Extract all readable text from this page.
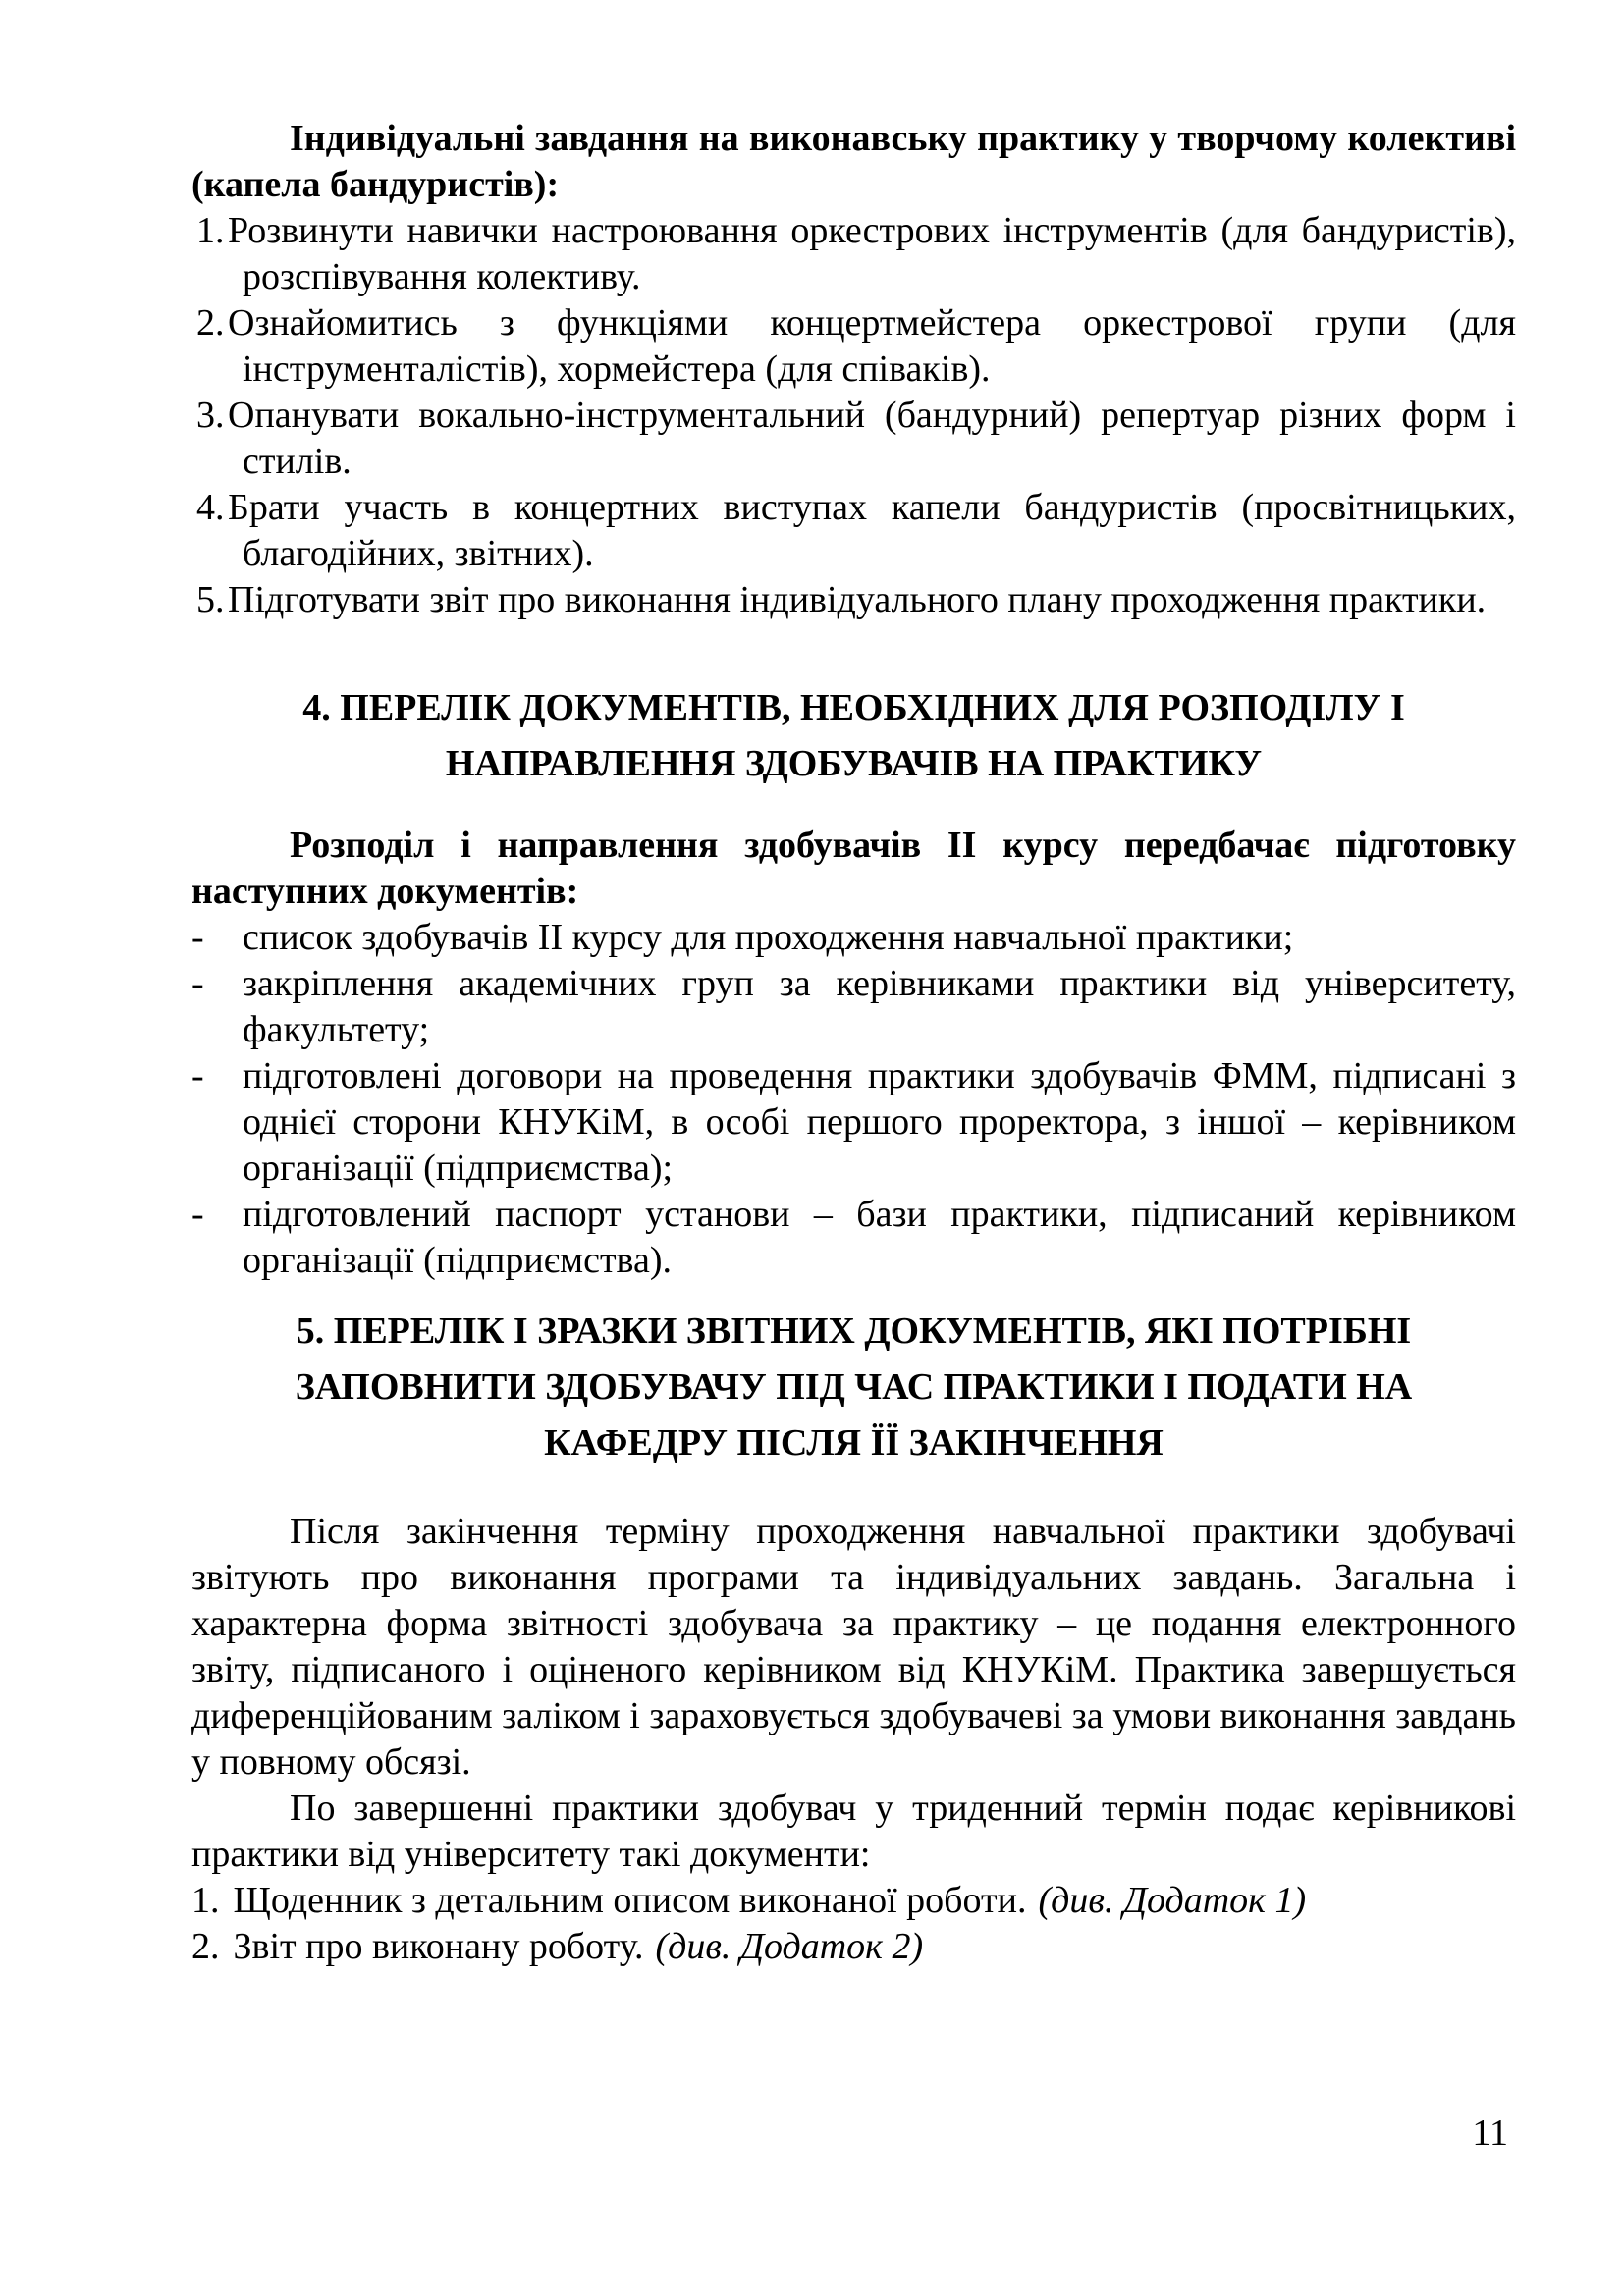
Індивідуальні завдання на виконавську практику у творчому колективі (капела бандуристів):

1. Розвинути навички настроювання оркестрових інструментів (для бандуристів), розспівування колективу.
2. Ознайомитись з функціями концертмейстера оркестрової групи (для інструменталістів), хормейстера (для співаків).
3. Опанувати вокально-інструментальний (бандурний) репертуар різних форм і стилів.
4. Брати участь в концертних виступах капели бандуристів (просвітницьких, благодійних, звітних).
5. Підготувати звіт про виконання індивідуального плану проходження практики.

4. ПЕРЕЛІК ДОКУМЕНТІВ, НЕОБХІДНИХ ДЛЯ РОЗПОДІЛУ І НАПРАВЛЕННЯ ЗДОБУВАЧІВ НА ПРАКТИКУ

Розподіл і направлення здобувачів ІІ курсу передбачає підготовку наступних документів:

- список здобувачів ІІ курсу для проходження навчальної практики;
- закріплення академічних груп за керівниками практики від університету, факультету;
- підготовлені договори на проведення практики здобувачів ФММ, підписані з однієї сторони КНУКіМ, в особі першого проректора, з іншої – керівником організації (підприємства);
- підготовлений паспорт установи – бази практики, підписаний керівником організації (підприємства).

5. ПЕРЕЛІК І ЗРАЗКИ ЗВІТНИХ ДОКУМЕНТІВ, ЯКІ ПОТРІБНІ ЗАПОВНИТИ ЗДОБУВАЧУ ПІД ЧАС ПРАКТИКИ І ПОДАТИ НА КАФЕДРУ ПІСЛЯ ЇЇ ЗАКІНЧЕННЯ

Після закінчення терміну проходження навчальної практики здобувачі звітують про виконання програми та індивідуальних завдань. Загальна і характерна форма звітності здобувача за практику – це подання електронного звіту, підписаного і оціненого керівником від КНУКіМ. Практика завершується диференційованим заліком і зараховується здобувачеві за умови виконання завдань у повному обсязі.

По завершенні практики здобувач у триденний термін подає керівникові практики від університету такі документи:

1. Щоденник з детальним описом виконаної роботи. (див. Додаток 1)
2. Звіт про виконану роботу. (див. Додаток 2)
11
